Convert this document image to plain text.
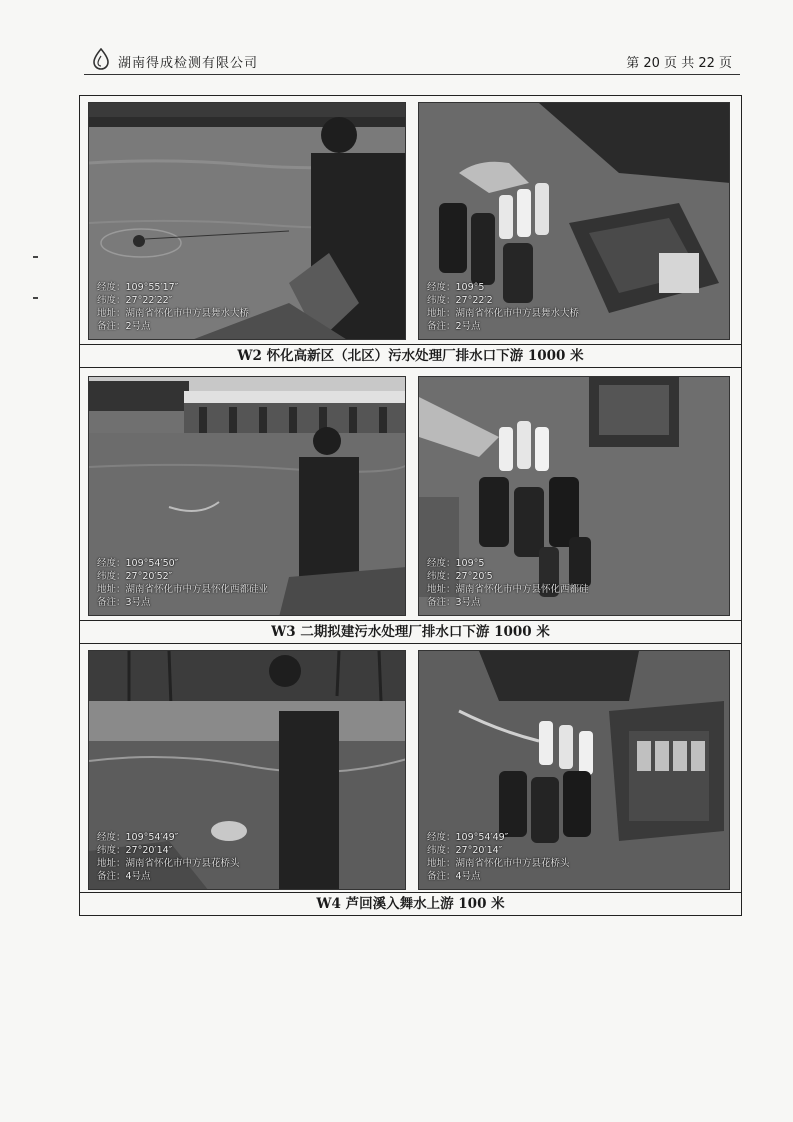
湖南得成检测有限公司	第 20 页 共 22 页
经度：109°55′17″
纬度：27°22′22″
地址：湖南省怀化市中方县舞水大桥
备注：2号点
经度：109°5
纬度：27°22′2
地址：湖南省怀化市中方县舞水大桥
备注：2号点
W2 怀化高新区（北区）污水处理厂排水口下游 1000 米
经度：109°54′50″
纬度：27°20′52″
地址：湖南省怀化市中方县怀化西都硅业
备注：3号点
经度：109°5
纬度：27°20′5
地址：湖南省怀化市中方县怀化西都硅
备注：3号点
W3 二期拟建污水处理厂排水口下游 1000 米
经度：109°54′49″
纬度：27°20′14″
地址：湖南省怀化市中方县花桥头
备注：4号点
经度：109°54′49″
纬度：27°20′14″
地址：湖南省怀化市中方县花桥头
备注：4号点
W4 芦回溪入舞水上游 100 米
